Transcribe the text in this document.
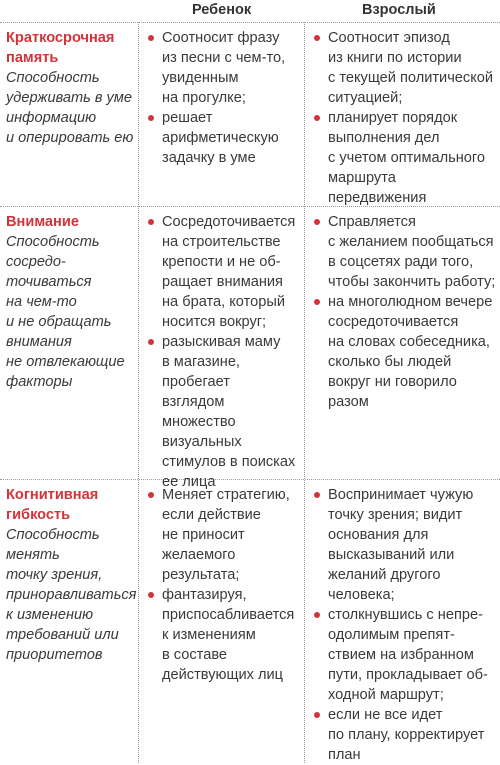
Ребенок	Взрослый
Краткосрочная
память
Способность
удерживать в уме
информацию
и оперировать ею
Соотносит фразу
из песни с чем-то,
увиденным
на прогулке;
решает
арифметическую
задачку в уме
Соотносит эпизод
из книги по истории
с текущей политической
ситуацией;
планирует порядок
выполнения дел
с учетом оптимального
маршрута
передвижения
Внимание
Способность
сосредо-
точиваться
на чем-то
и не обращать
внимания
не отвлекающие
факторы
Сосредоточивается
на строительстве
крепости и не об-
ращает внимания
на брата, который
носится вокруг;
разыскивая маму
в магазине,
пробегает взглядом
множество
визуальных
стимулов в поисках
ее лица
Справляется
с желанием пообщаться
в соцсетях ради того,
чтобы закончить работу;
на многолюдном вечере
сосредоточивается
на словах собеседника,
сколько бы людей
вокруг ни говорило
разом
Когнитивная
гибкость
Способность
менять
точку зрения,
приноравливаться
к изменению
требований или
приоритетов
Меняет стратегию,
если действие
не приносит
желаемого
результата;
фантазируя,
приспосабливается
к изменениям
в составе
действующих лиц
Воспринимает чужую
точку зрения; видит
основания для
высказываний или
желаний другого
человека;
столкнувшись с непре-
одолимым препят-
ствием на избранном
пути, прокладывает об-
ходной маршрут;
если не все идет
по плану, корректирует
план
